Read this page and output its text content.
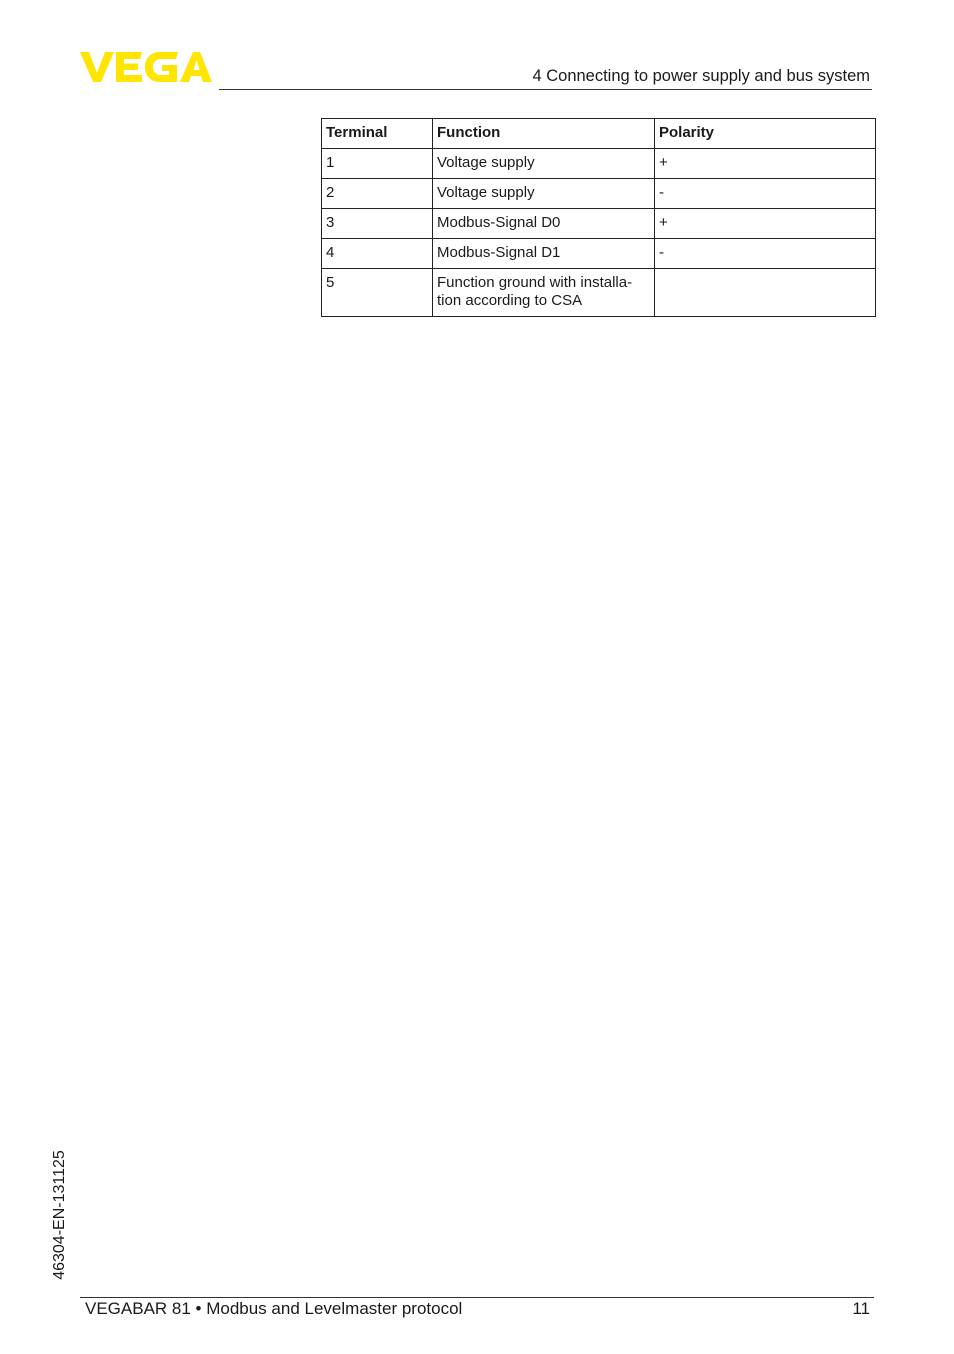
4 Connecting to power supply and bus system
Terminal	Function	Polarity
1	Voltage supply	+
2	Voltage supply	-
3	Modbus-Signal D0	+
4	Modbus-Signal D1	-
5	Function ground with installa-
tion according to CSA	

46304-EN-131125
VEGABAR 81 • Modbus and Levelmaster protocol	11
